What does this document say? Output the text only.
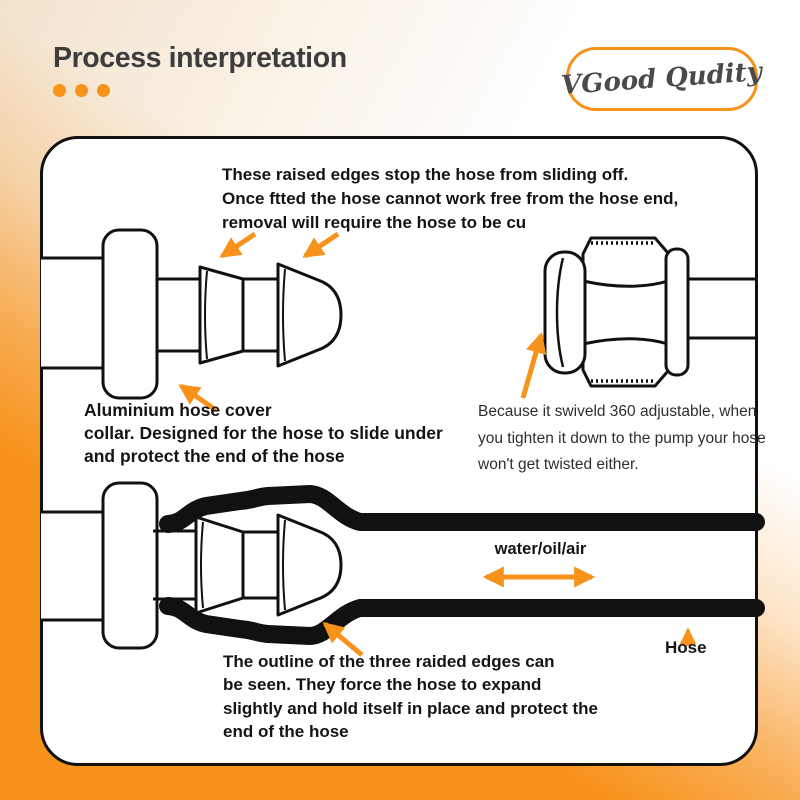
Process interpretation	VGood Qudity
These raised edges stop the hose from sliding off.
Once ftted the hose cannot work free from the hose end,
removal will require the hose to be cu
Aluminium hose cover
collar. Designed for the hose to slide under
and protect the end of the hose
Because it swiveld 360 adjustable, when
you tighten it down to the pump your hose
won't get twisted either.
The outline of the three raided edges can
be seen. They force the hose to expand
slightly and hold itself in place and protect the
end of the hose
water/oil/air
Hose
